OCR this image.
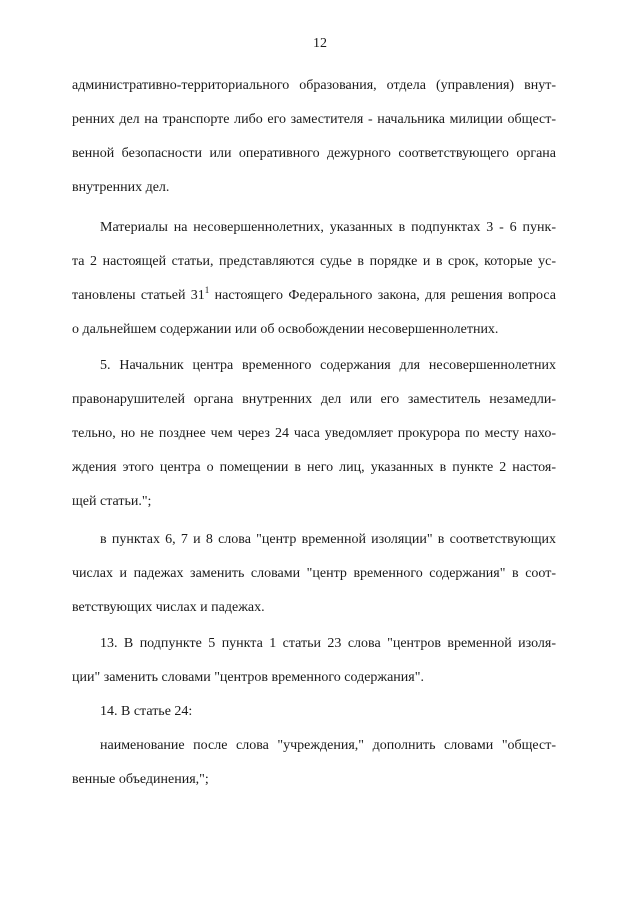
12
административно-территориального образования, отдела (управления) внут-
ренних дел на транспорте либо его заместителя - начальника милиции общест-
венной безопасности или оперативного дежурного соответствующего органа
внутренних дел.
Материалы на несовершеннолетних, указанных в подпунктах 3 - 6 пунк-
та 2 настоящей статьи, представляются судье в порядке и в срок, которые ус-
тановлены статьей $31^1$ настоящего Федерального закона, для решения вопроса
о дальнейшем содержании или об освобождении несовершеннолетних.
5. Начальник центра временного содержания для несовершеннолетних
правонарушителей органа внутренних дел или его заместитель незамедли-
тельно, но не позднее чем через 24 часа уведомляет прокурора по месту нахо-
ждения этого центра о помещении в него лиц, указанных в пункте 2 настоя-
щей статьи.";
в пунктах 6, 7 и 8 слова "центр временной изоляции" в соответствующих
числах и падежах заменить словами "центр временного содержания" в соот-
ветствующих числах и падежах.
13. В подпункте 5 пункта 1 статьи 23 слова "центров временной изоля-
ции" заменить словами "центров временного содержания".
14. В статье 24:
наименование после слова "учреждения," дополнить словами "общест-
венные объединения,";
